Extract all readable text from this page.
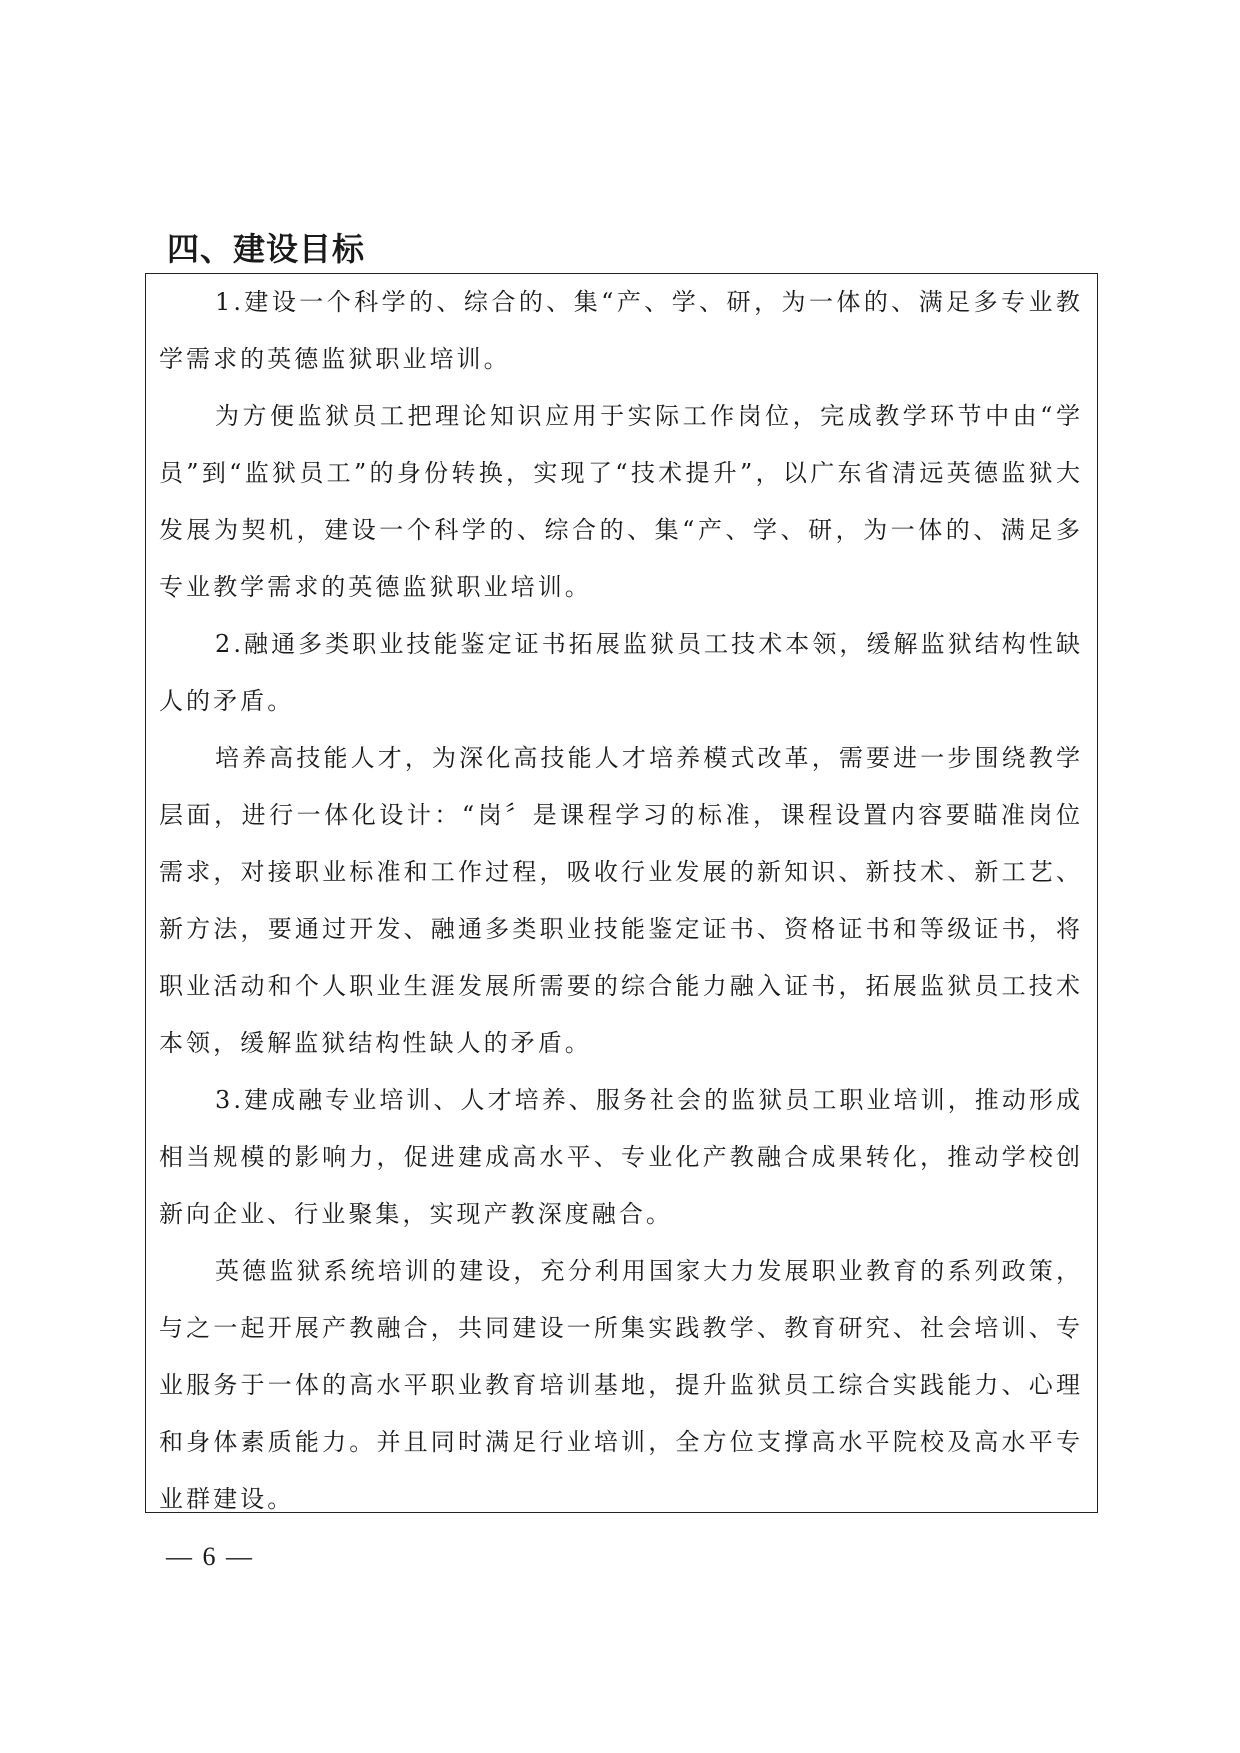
四、建设目标

1.建设一个科学的、综合的、集“产、学、研，为一体的、满足多专业教学需求的英德监狱职业培训。

为方便监狱员工把理论知识应用于实际工作岗位，完成教学环节中由“学员”到“监狱员工”的身份转换，实现了“技术提升”，以广东省清远英德监狱大发展为契机，建设一个科学的、综合的、集“产、学、研，为一体的、满足多专业教学需求的英德监狱职业培训。

2.融通多类职业技能鉴定证书拓展监狱员工技术本领，缓解监狱结构性缺人的矛盾。

培养高技能人才，为深化高技能人才培养模式改革，需要进一步围绕教学层面，进行一体化设计：“岗〞是课程学习的标准，课程设置内容要瞄准岗位需求，对接职业标准和工作过程，吸收行业发展的新知识、新技术、新工艺、新方法，要通过开发、融通多类职业技能鉴定证书、资格证书和等级证书，将职业活动和个人职业生涯发展所需要的综合能力融入证书，拓展监狱员工技术本领，缓解监狱结构性缺人的矛盾。

3.建成融专业培训、人才培养、服务社会的监狱员工职业培训，推动形成相当规模的影响力，促进建成高水平、专业化产教融合成果转化，推动学校创新向企业、行业聚集，实现产教深度融合。

英德监狱系统培训的建设，充分利用国家大力发展职业教育的系列政策，与之一起开展产教融合，共同建设一所集实践教学、教育研究、社会培训、专业服务于一体的高水平职业教育培训基地，提升监狱员工综合实践能力、心理和身体素质能力。并且同时满足行业培训，全方位支撑高水平院校及高水平专业群建设。

— 6 —
